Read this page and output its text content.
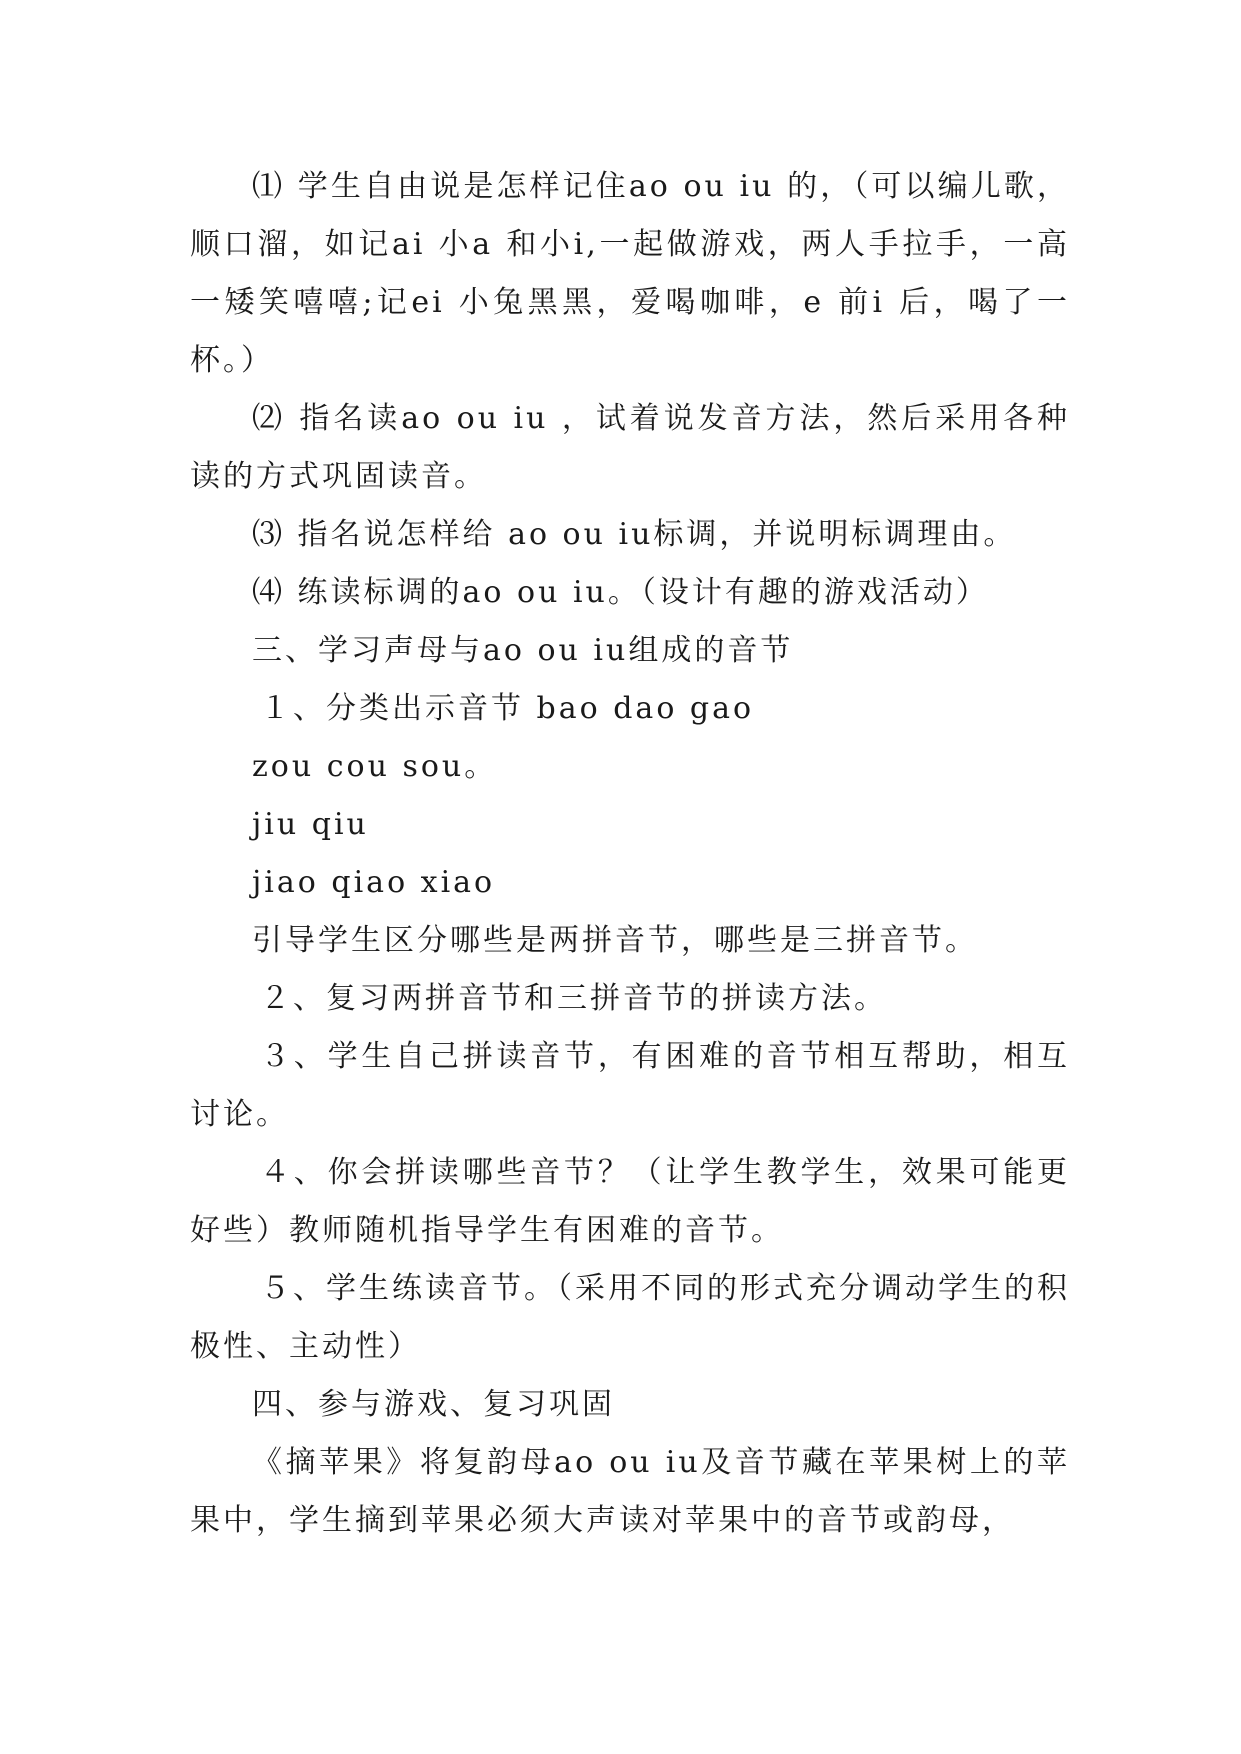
⑴ 学生自由说是怎样记住ao ou iu 的，（可以编儿歌，顺口溜，如记ai 小a 和小i,一起做游戏，两人手拉手，一高一矮笑嘻嘻;记ei 小兔黑黑，爱喝咖啡，e 前i 后，喝了一杯。）

⑵ 指名读ao ou iu ，试着说发音方法，然后采用各种读的方式巩固读音。

⑶ 指名说怎样给 ao ou iu标调，并说明标调理由。

⑷ 练读标调的ao ou iu。（设计有趣的游戏活动）

三、学习声母与ao ou iu组成的音节

１、分类出示音节 bao dao gao

zou cou sou。

jiu qiu

jiao qiao xiao

引导学生区分哪些是两拼音节，哪些是三拼音节。

２、复习两拼音节和三拼音节的拼读方法。

３、学生自己拼读音节，有困难的音节相互帮助，相互讨论。

４、你会拼读哪些音节？（让学生教学生，效果可能更好些）教师随机指导学生有困难的音节。

５、学生练读音节。（采用不同的形式充分调动学生的积极性、主动性）

四、参与游戏、复习巩固

《摘苹果》将复韵母ao ou iu及音节藏在苹果树上的苹果中，学生摘到苹果必须大声读对苹果中的音节或韵母，
